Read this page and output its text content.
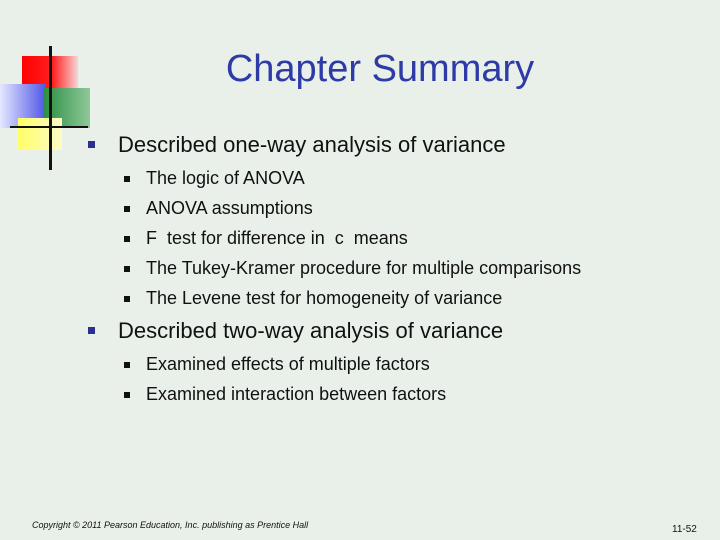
Chapter Summary
Described one-way analysis of variance
The logic of ANOVA
ANOVA assumptions
F  test for difference in  c  means
The Tukey-Kramer procedure for multiple comparisons
The Levene test for homogeneity of variance
Described two-way analysis of variance
Examined effects of multiple factors
Examined interaction between factors
Copyright © 2011 Pearson Education, Inc. publishing as Prentice Hall	11-52
